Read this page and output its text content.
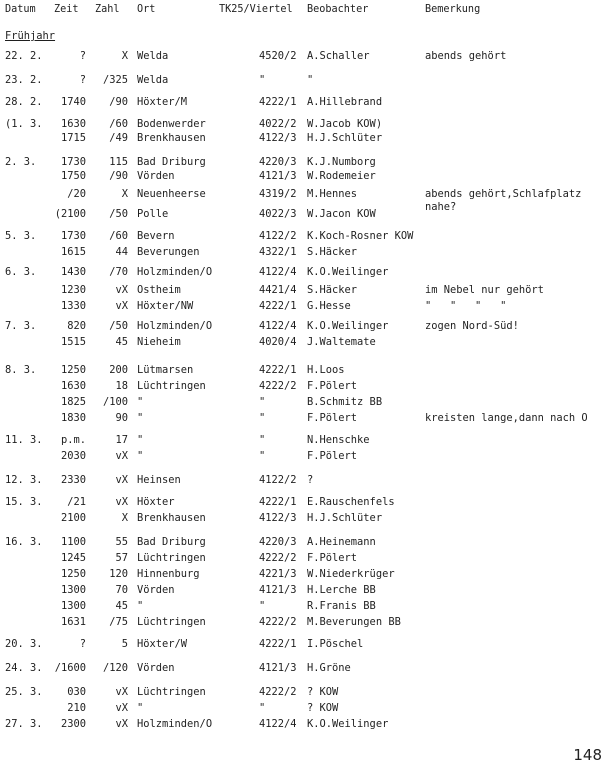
Datum Zeit Zahl Ort	TK25/Viertel Beobachter	Bemerkung
Frühjahr
22. 2.	?	X Welda	4520/2 A.Schaller	abends gehört
23. 2.	? /325 Welda	"	"
28. 2. 1740 /90 Höxter/M	4222/1 A.Hillebrand
(1. 3. 1630 /60 Bodenwerder	4022/2 W.Jacob KOW)
1715 /49 Brenkhausen	4122/3 H.J.Schlüter
2. 3. 1730 115 Bad Driburg	4220/3 K.J.Numborg
1750 /90 Vörden	4121/3 W.Rodemeier
/20	X Neuenheerse	4319/2 M.Hennes	abends gehört,Schlafplatz
nahe?
(2100 /50 Polle	4022/3 W.Jacon KOW
5. 3. 1730 /60 Bevern	4122/2 K.Koch-Rosner KOW
1615	44 Beverungen	4322/1 S.Häcker
6. 3. 1430 /70 Holzminden/O	4122/4 K.O.Weilinger
1230	vX Ostheim	4421/4 S.Häcker	im Nebel nur gehört
1330	vX Höxter/NW	4222/1 G.Hesse	"   "   "   "
7. 3.	820 /50 Holzminden/O	4122/4 K.O.Weilinger	zogen Nord-Süd!
1515	45 Nieheim	4020/4 J.Waltemate
8. 3. 1250 200 Lütmarsen	4222/1 H.Loos
1630	18 Lüchtringen	4222/2 F.Pölert
1825 /100 "	"	B.Schmitz BB
1830	90 "	"	F.Pölert	kreisten lange,dann nach O
11. 3. p.m.	17 "	"	N.Henschke
2030	vX "	"	F.Pölert
12. 3. 2330	vX Heinsen	4122/2 ?
15. 3. /21	vX Höxter	4222/1 E.Rauschenfels
2100	X Brenkhausen	4122/3 H.J.Schlüter
16. 3. 1100	55 Bad Driburg	4220/3 A.Heinemann
1245	57 Lüchtringen	4222/2 F.Pölert
1250 120 Hinnenburg	4221/3 W.Niederkrüger
1300	70 Vörden	4121/3 H.Lerche BB
1300	45 "	"	R.Franis BB
1631 /75 Lüchtringen	4222/2 M.Beverungen BB
20. 3.	?	5 Höxter/W	4222/1 I.Pöschel
24. 3. /1600 /120 Vörden	4121/3 H.Gröne
25. 3. 030	vX Lüchtringen	4222/2 ? KOW
210	vX "	"	? KOW
27. 3. 2300	vX Holzminden/O	4122/4 K.O.Weilinger
148
